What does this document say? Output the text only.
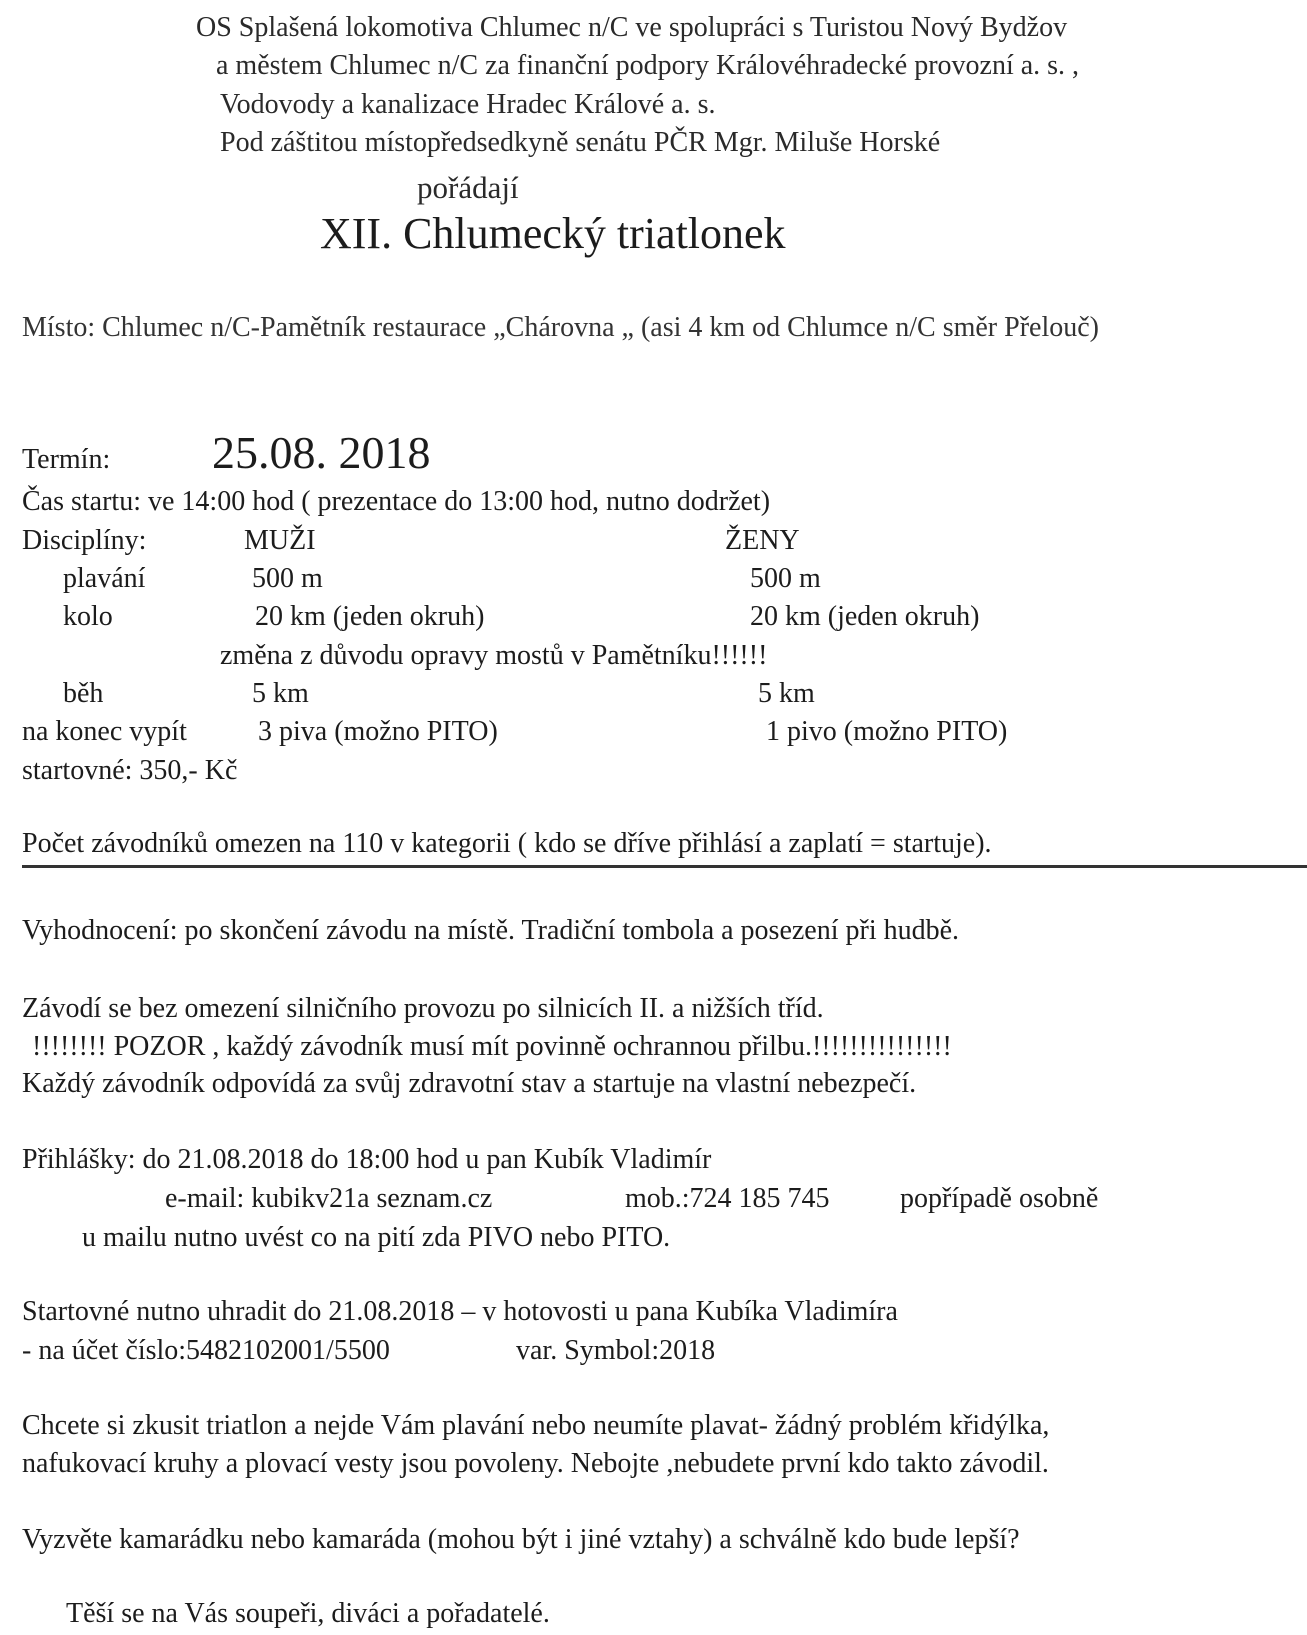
OS Splašená lokomotiva Chlumec n/C ve spolupráci s Turistou Nový Bydžov
a městem Chlumec n/C za finanční podpory Královéhradecké provozní a. s. ,
Vodovody a kanalizace Hradec Králové a. s.
Pod záštitou místopředsedkyně senátu PČR Mgr. Miluše Horské
pořádají
XII. Chlumecký triatlonek
Místo: Chlumec n/C-Pamětník restaurace „Chárovna „ (asi 4 km od Chlumce n/C směr Přelouč)
Termín: 25.08. 2018
Čas startu: ve 14:00 hod ( prezentace do 13:00 hod, nutno dodržet)
Disciplíny:	MUŽI	ŽENY
plavání	500 m	500 m
kolo	20 km (jeden okruh)	20 km (jeden okruh)
změna z důvodu opravy mostů v Pamětníku!!!!!!
běh	5 km	5 km
na konec vypít	3 piva (možno PITO)	1 pivo (možno PITO)
startovné: 350,- Kč
Počet závodníků omezen na 110 v kategorii ( kdo se dříve přihlásí a zaplatí = startuje).
Vyhodnocení: po skončení závodu na místě. Tradiční tombola a posezení při hudbě.
Závodí se bez omezení silničního provozu po silnicích II. a nižších tříd.
!!!!!!!! POZOR , každý závodník musí mít povinně ochrannou přilbu.!!!!!!!!!!!!!!!
Každý závodník odpovídá za svůj zdravotní stav a startuje na vlastní nebezpečí.
Přihlášky: do 21.08.2018 do 18:00 hod u pan Kubík Vladimír
e-mail: kubikv21a seznam.cz	mob.:724 185 745	popřípadě osobně
u mailu nutno uvést co na pití zda PIVO nebo PITO.
Startovné nutno uhradit do 21.08.2018 – v hotovosti u pana Kubíka Vladimíra
- na účet číslo:5482102001/5500	var. Symbol:2018
Chcete si zkusit triatlon a nejde Vám plavání nebo neumíte plavat- žádný problém křidýlka,
nafukovací kruhy a plovací vesty jsou povoleny. Nebojte ,nebudete první kdo takto závodil.
Vyzvěte kamarádku nebo kamaráda (mohou být i jiné vztahy) a schválně kdo bude lepší?
Těší se na Vás soupeři, diváci a pořadatelé.
